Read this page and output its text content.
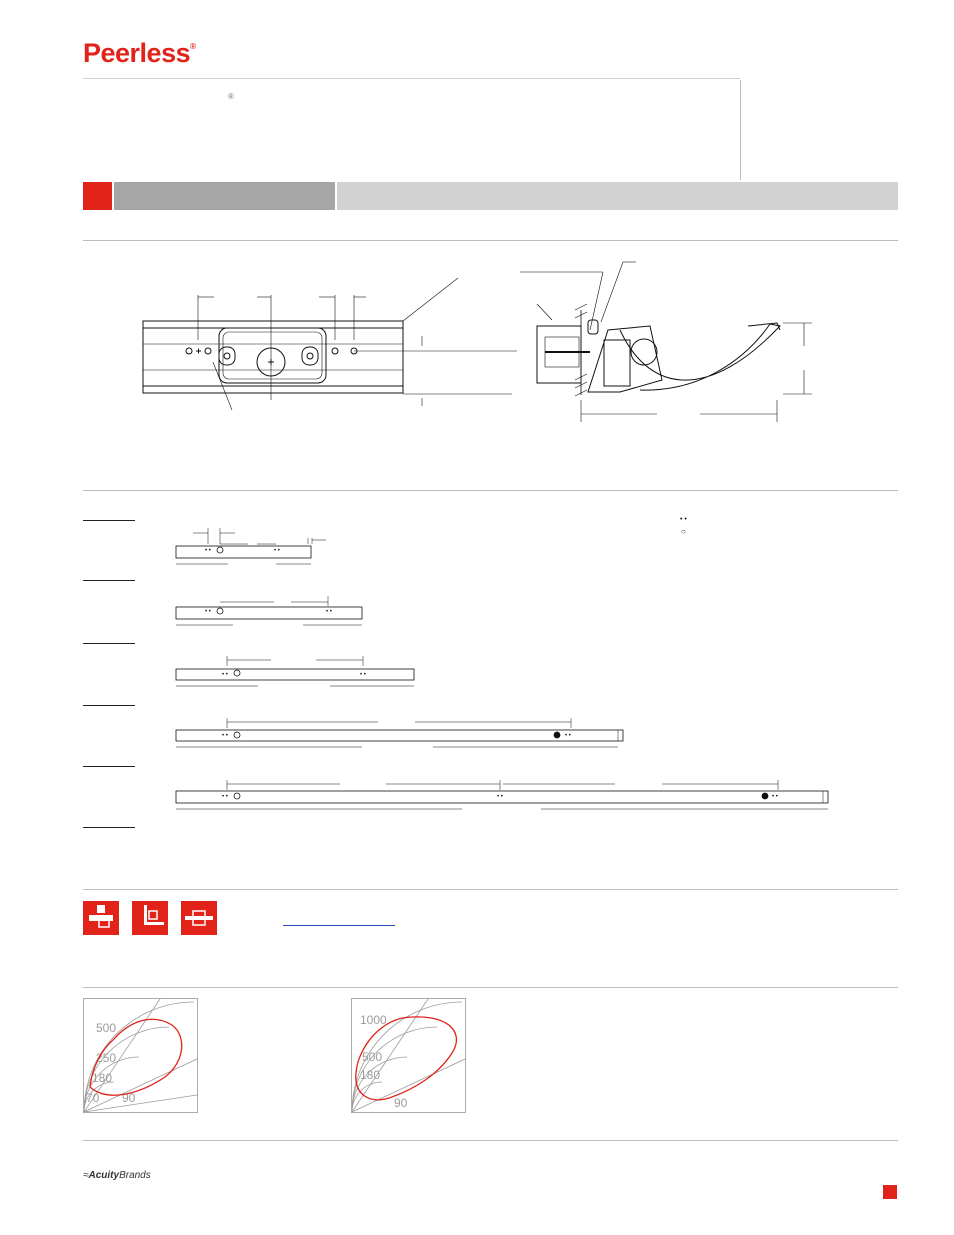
Peerless®
®
• •
○
• •	• •
• •	• •
• •	• •
• •	• •
• •	• •	• •
500
250
180
70 90
1000
500
180
90
≈AcuityBrands
